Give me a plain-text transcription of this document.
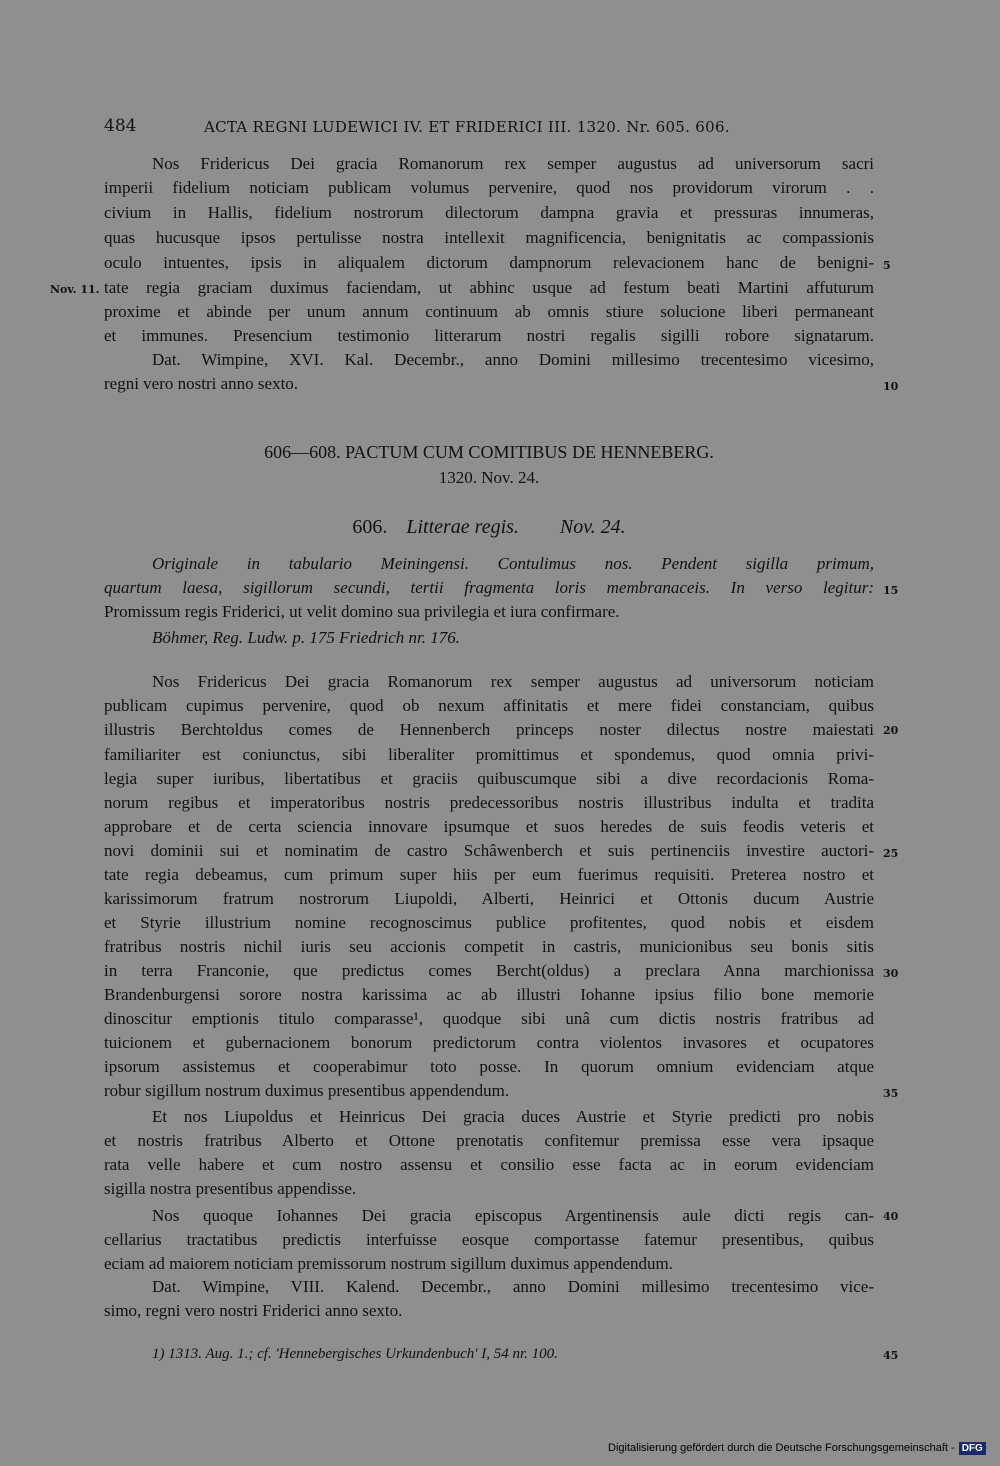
484	ACTA REGNI LUDEWICI IV. ET FRIDERICI III. 1320. Nr. 605. 606.
Nos Fridericus Dei gracia Romanorum rex semper augustus ad universorum sacri
imperii fidelium noticiam publicam volumus pervenire, quod nos providorum virorum . .
civium in Hallis, fidelium nostrorum dilectorum dampna gravia et pressuras innumeras,
quas hucusque ipsos pertulisse nostra intellexit magnificencia, benignitatis ac compassionis
oculo intuentes, ipsis in aliqualem dictorum dampnorum relevacionem hanc de benigni-
tate regia graciam duximus faciendam, ut abhinc usque ad festum beati Martini affuturum
proxime et abinde per unum annum continuum ab omnis stiure solucione liberi permaneant
et immunes. Presencium testimonio litterarum nostri regalis sigilli robore signatarum.
Dat. Wimpine, XVI. Kal. Decembr., anno Domini millesimo trecentesimo vicesimo,
regni vero nostri anno sexto.
Nov. 11.
5
10
606—608. PACTUM CUM COMITIBUS DE HENNEBERG.
1320. Nov. 24.
606. Litterae regis. Nov. 24.
Originale in tabulario Meiningensi. Contulimus nos. Pendent sigilla primum,
quartum laesa, sigillorum secundi, tertii fragmenta loris membranaceis. In verso legitur:
Promissum regis Friderici, ut velit domino sua privilegia et iura confirmare.
Böhmer, Reg. Ludw. p. 175 Friedrich nr. 176.
15
Nos Fridericus Dei gracia Romanorum rex semper augustus ad universorum noticiam
publicam cupimus pervenire, quod ob nexum affinitatis et mere fidei constanciam, quibus
illustris Berchtoldus comes de Hennenberch princeps noster dilectus nostre maiestati
familiariter est coniunctus, sibi liberaliter promittimus et spondemus, quod omnia privi-
legia super iuribus, libertatibus et graciis quibuscumque sibi a dive recordacionis Roma-
norum regibus et imperatoribus nostris predecessoribus nostris illustribus indulta et tradita
approbare et de certa sciencia innovare ipsumque et suos heredes de suis feodis veteris et
novi dominii sui et nominatim de castro Schâwenberch et suis pertinenciis investire auctori-
tate regia debeamus, cum primum super hiis per eum fuerimus requisiti. Preterea nostro et
karissimorum fratrum nostrorum Liupoldi, Alberti, Heinrici et Ottonis ducum Austrie
et Styrie illustrium nomine recognoscimus publice profitentes, quod nobis et eisdem
fratribus nostris nichil iuris seu accionis competit in castris, municionibus seu bonis sitis
in terra Franconie, que predictus comes Bercht(oldus) a preclara Anna marchionissa
Brandenburgensi sorore nostra karissima ac ab illustri Iohanne ipsius filio bone memorie
dinoscitur emptionis titulo comparasse¹, quodque sibi unâ cum dictis nostris fratribus ad
tuicionem et gubernacionem bonorum predictorum contra violentos invasores et ocupatores
ipsorum assistemus et cooperabimur toto posse. In quorum omnium evidenciam atque
robur sigillum nostrum duximus presentibus appendendum.
20
25
30
35
Et nos Liupoldus et Heinricus Dei gracia duces Austrie et Styrie predicti pro nobis
et nostris fratribus Alberto et Ottone prenotatis confitemur premissa esse vera ipsaque
rata velle habere et cum nostro assensu et consilio esse facta ac in eorum evidenciam
sigilla nostra presentibus appendisse.
Nos quoque Iohannes Dei gracia episcopus Argentinensis aule dicti regis can-
cellarius tractatibus predictis interfuisse eosque comportasse fatemur presentibus, quibus
eciam ad maiorem noticiam premissorum nostrum sigillum duximus appendendum.
40
Dat. Wimpine, VIII. Kalend. Decembr., anno Domini millesimo trecentesimo vice-
simo, regni vero nostri Friderici anno sexto.
1) 1313. Aug. 1.; cf. 'Hennebergisches Urkundenbuch' I, 54 nr. 100.	45
Digitalisierung gefördert durch die Deutsche Forschungsgemeinschaft - DFG
